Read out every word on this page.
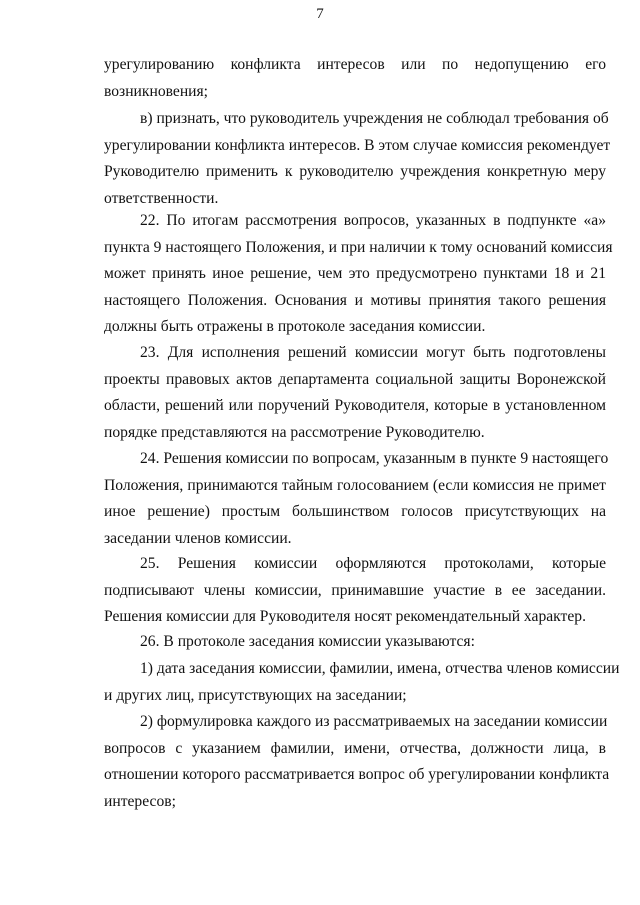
7
урегулированию конфликта интересов или по недопущению его
возникновения;
в) признать, что руководитель учреждения не соблюдал требования об
урегулировании конфликта интересов. В этом случае комиссия рекомендует
Руководителю применить к руководителю учреждения конкретную меру
ответственности.
22. По итогам рассмотрения вопросов, указанных в подпункте «а»
пункта 9 настоящего Положения, и при наличии к тому оснований комиссия
может принять иное решение, чем это предусмотрено пунктами 18 и 21
настоящего Положения. Основания и мотивы принятия такого решения
должны быть отражены в протоколе заседания комиссии.
23. Для исполнения решений комиссии могут быть подготовлены
проекты правовых актов департамента социальной защиты Воронежской
области, решений или поручений Руководителя, которые в установленном
порядке представляются на рассмотрение Руководителю.
24. Решения комиссии по вопросам, указанным в пункте 9 настоящего
Положения, принимаются тайным голосованием (если комиссия не примет
иное решение) простым большинством голосов присутствующих на
заседании членов комиссии.
25. Решения комиссии оформляются протоколами, которые
подписывают члены комиссии, принимавшие участие в ее заседании.
Решения комиссии для Руководителя носят рекомендательный характер.
26. В протоколе заседания комиссии указываются:
1) дата заседания комиссии, фамилии, имена, отчества членов комиссии
и других лиц, присутствующих на заседании;
2) формулировка каждого из рассматриваемых на заседании комиссии
вопросов с указанием фамилии, имени, отчества, должности лица, в
отношении которого рассматривается вопрос об урегулировании конфликта
интересов;
